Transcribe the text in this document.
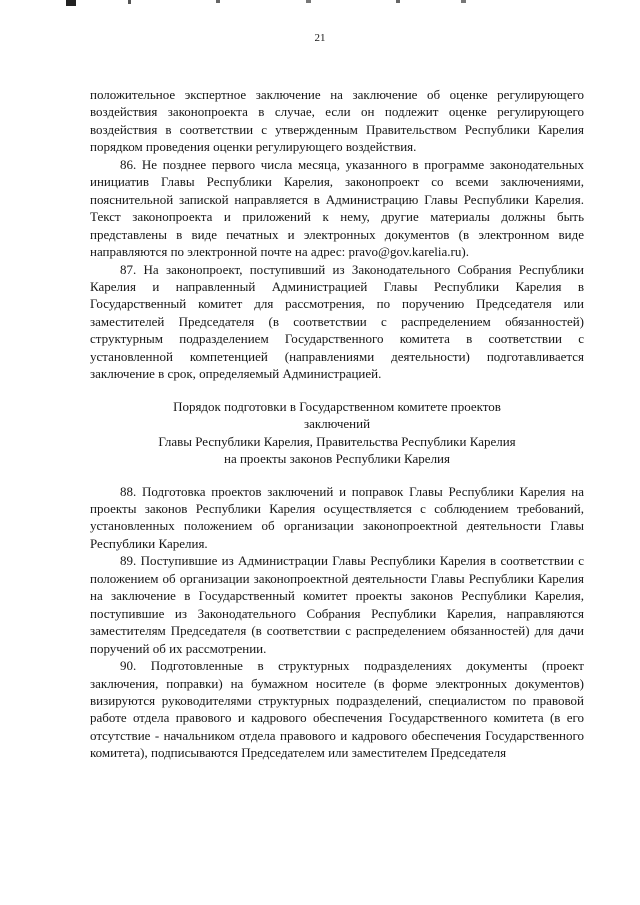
21

положительное экспертное заключение на заключение об оценке регулирующего воздействия законопроекта в случае, если он подлежит оценке регулирующего воздействия в соответствии с утвержденным Правительством Республики Карелия порядком проведения оценки регулирующего воздействия.

86. Не позднее первого числа месяца, указанного в программе законодательных инициатив Главы Республики Карелия, законопроект со всеми заключениями, пояснительной запиской направляется в Администрацию Главы Республики Карелия. Текст законопроекта и приложений к нему, другие материалы должны быть представлены в виде печатных и электронных документов (в электронном виде направляются по электронной почте на адрес: pravo@gov.karelia.ru).

87. На законопроект, поступивший из Законодательного Собрания Республики Карелия и направленный Администрацией Главы Республики Карелия в Государственный комитет для рассмотрения, по поручению Председателя или заместителей Председателя (в соответствии с распределением обязанностей) структурным подразделением Государственного комитета в соответствии с установленной компетенцией (направлениями деятельности) подготавливается заключение в срок, определяемый Администрацией.

Порядок подготовки в Государственном комитете проектов
заключений
Главы Республики Карелия, Правительства Республики Карелия
на проекты законов Республики Карелия

88. Подготовка проектов заключений и поправок Главы Республики Карелия на проекты законов Республики Карелия осуществляется с соблюдением требований, установленных положением об организации законопроектной деятельности Главы Республики Карелия.

89. Поступившие из Администрации Главы Республики Карелия в соответствии с положением об организации законопроектной деятельности Главы Республики Карелия на заключение в Государственный комитет проекты законов Республики Карелия, поступившие из Законодательного Собрания Республики Карелия, направляются заместителям Председателя (в соответствии с распределением обязанностей) для дачи поручений об их рассмотрении.

90. Подготовленные в структурных подразделениях документы (проект заключения, поправки) на бумажном носителе (в форме электронных документов) визируются руководителями структурных подразделений, специалистом по правовой работе отдела правового и кадрового обеспечения Государственного комитета (в его отсутствие - начальником отдела правового и кадрового обеспечения Государственного комитета), подписываются Председателем или заместителем Председателя
